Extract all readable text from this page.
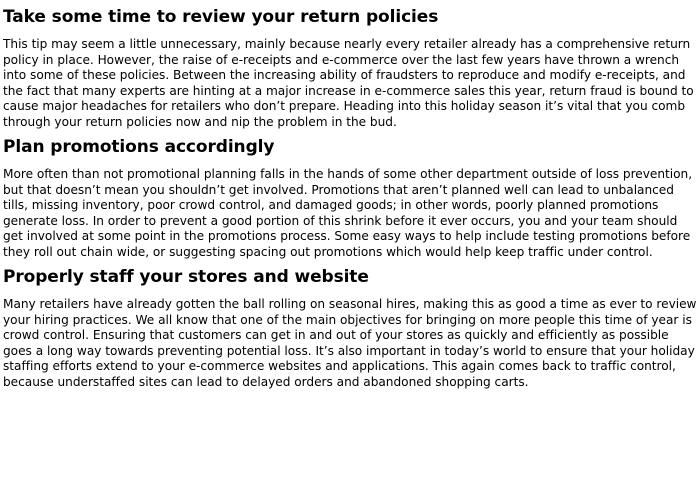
Take some time to review your return policies

This tip may seem a little unnecessary, mainly because nearly every retailer already has a comprehensive return policy in place. However, the raise of e-receipts and e-commerce over the last few years have thrown a wrench into some of these policies. Between the increasing ability of fraudsters to reproduce and modify e-receipts, and the fact that many experts are hinting at a major increase in e-commerce sales this year, return fraud is bound to cause major headaches for retailers who don’t prepare. Heading into this holiday season it’s vital that you comb through your return policies now and nip the problem in the bud.

Plan promotions accordingly

More often than not promotional planning falls in the hands of some other department outside of loss prevention, but that doesn’t mean you shouldn’t get involved. Promotions that aren’t planned well can lead to unbalanced tills, missing inventory, poor crowd control, and damaged goods; in other words, poorly planned promotions generate loss. In order to prevent a good portion of this shrink before it ever occurs, you and your team should get involved at some point in the promotions process. Some easy ways to help include testing promotions before they roll out chain wide, or suggesting spacing out promotions which would help keep traffic under control.

Properly staff your stores and website

Many retailers have already gotten the ball rolling on seasonal hires, making this as good a time as ever to review your hiring practices. We all know that one of the main objectives for bringing on more people this time of year is crowd control. Ensuring that customers can get in and out of your stores as quickly and efficiently as possible goes a long way towards preventing potential loss. It’s also important in today’s world to ensure that your holiday staffing efforts extend to your e-commerce websites and applications. This again comes back to traffic control, because understaffed sites can lead to delayed orders and abandoned shopping carts.
